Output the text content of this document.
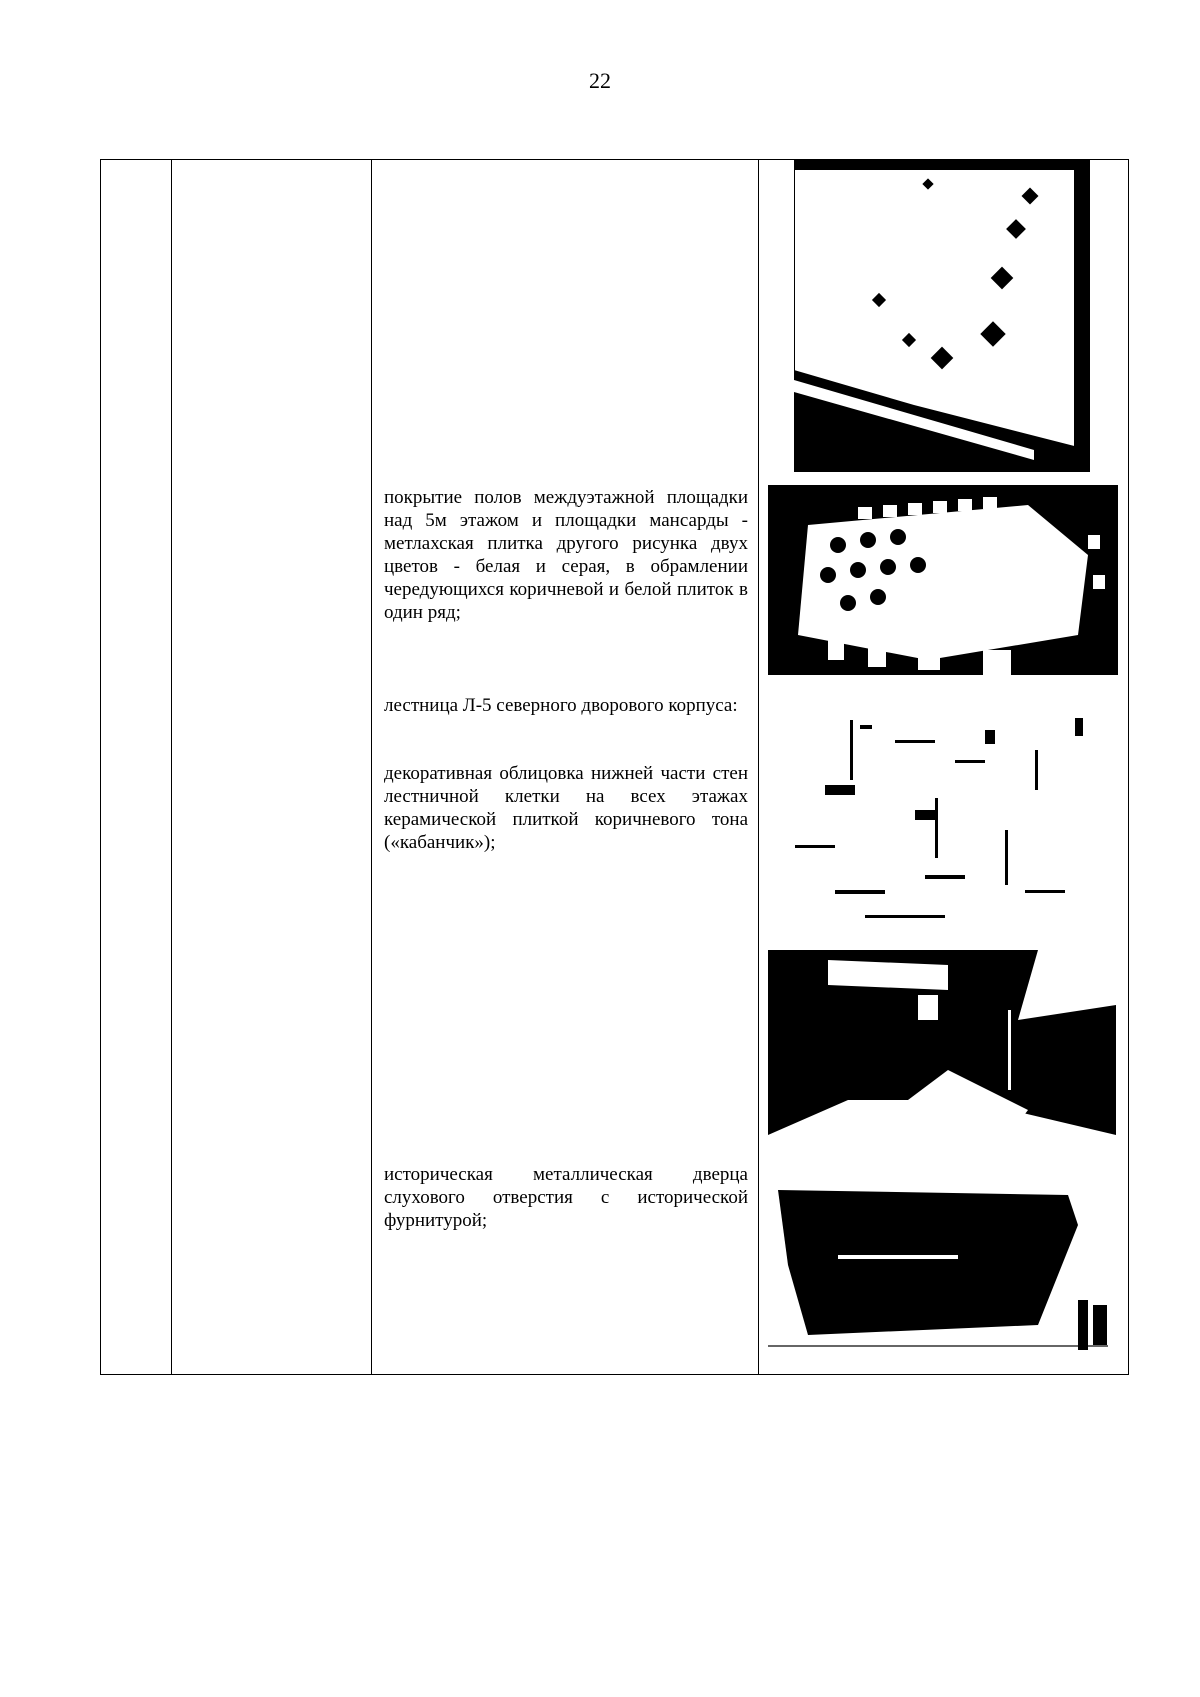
22
покрытие полов междуэтажной площадки над 5м этажом и площадки мансарды - метлахская плитка другого рисунка двух цветов - белая и серая, в обрамлении чередующихся коричневой и белой плиток в один ряд;
лестница Л-5 северного дворового корпуса:
декоративная облицовка нижней части стен лестничной клетки на всех этажах керамической плиткой коричневого тона («кабанчик»);
историческая металлическая дверца слухового отверстия с исторической фурнитурой;
